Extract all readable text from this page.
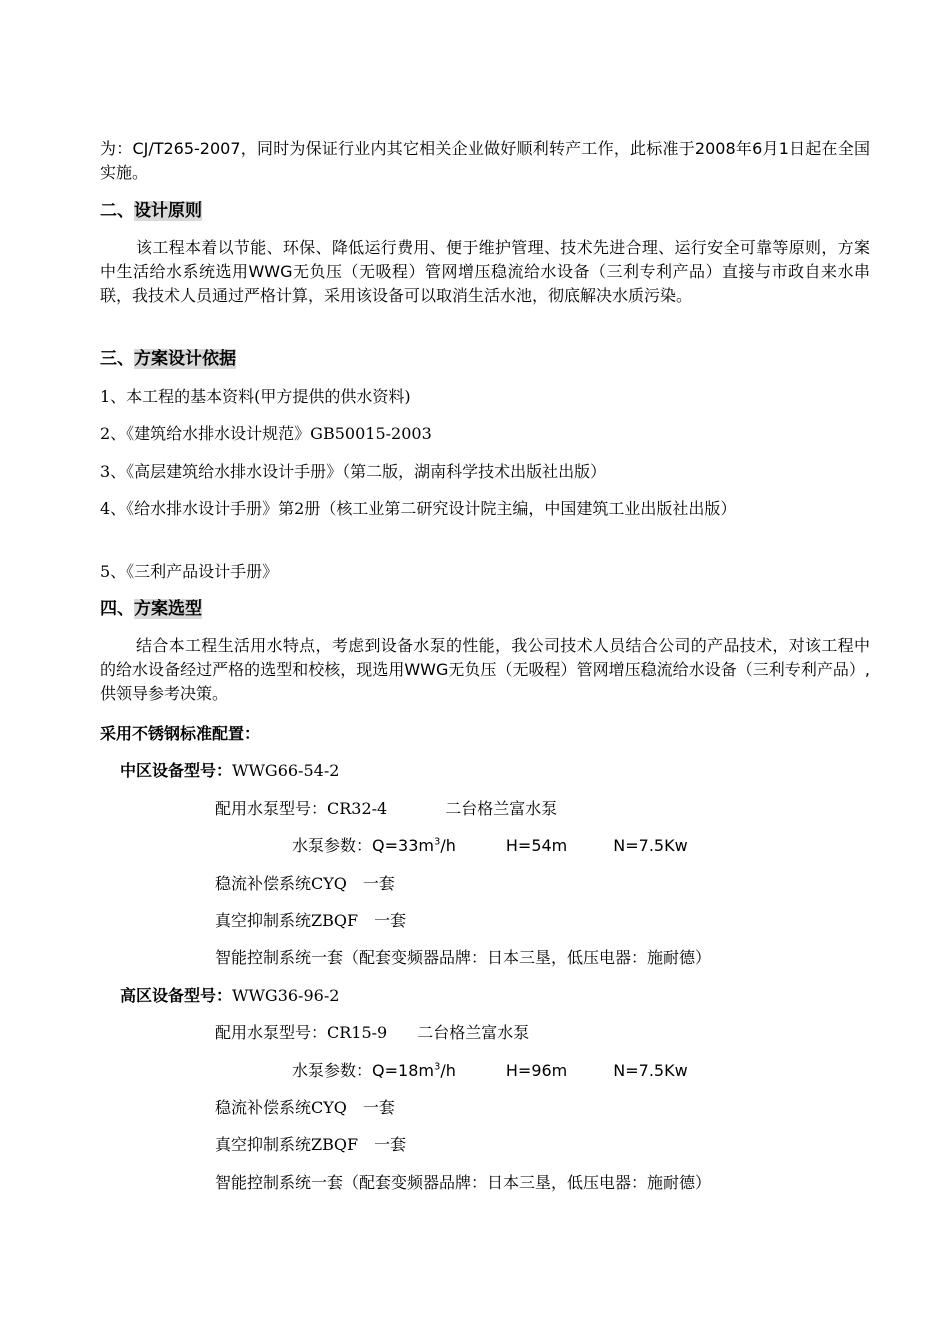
为：CJ/T265-2007，同时为保证行业内其它相关企业做好顺利转产工作，此标准于2008年6月1日起在全国实施。
二、设计原则
该工程本着以节能、环保、降低运行费用、便于维护管理、技术先进合理、运行安全可靠等原则，方案中生活给水系统选用WWG无负压（无吸程）管网增压稳流给水设备（三利专利产品）直接与市政自来水串联，我技术人员通过严格计算，采用该设备可以取消生活水池，彻底解决水质污染。
三、方案设计依据
1、本工程的基本资料(甲方提供的供水资料)
2、《建筑给水排水设计规范》GB50015-2003
3、《高层建筑给水排水设计手册》（第二版，湖南科学技术出版社出版）
4、《给水排水设计手册》第2册（核工业第二研究设计院主编，中国建筑工业出版社出版）
5、《三利产品设计手册》
四、方案选型
结合本工程生活用水特点，考虑到设备水泵的性能，我公司技术人员结合公司的产品技术，对该工程中的给水设备经过严格的选型和校核，现选用WWG无负压（无吸程）管网增压稳流给水设备（三利专利产品）,供领导参考决策。
采用不锈钢标准配置：
中区设备型号：WWG66-54-2
配用水泵型号：CR32-4	二台格兰富水泵
水泵参数：$Q=33m^3/h$	H=54m	N=7.5Kw
稳流补偿系统CYQ　一套
真空抑制系统ZBQF　一套
智能控制系统一套（配套变频器品牌：日本三垦，低压电器：施耐德）
高区设备型号：WWG36-96-2
配用水泵型号：CR15-9 二台格兰富水泵
水泵参数：$Q=18m^3/h$	H=96m	N=7.5Kw
稳流补偿系统CYQ　一套
真空抑制系统ZBQF　一套
智能控制系统一套（配套变频器品牌：日本三垦，低压电器：施耐德）
